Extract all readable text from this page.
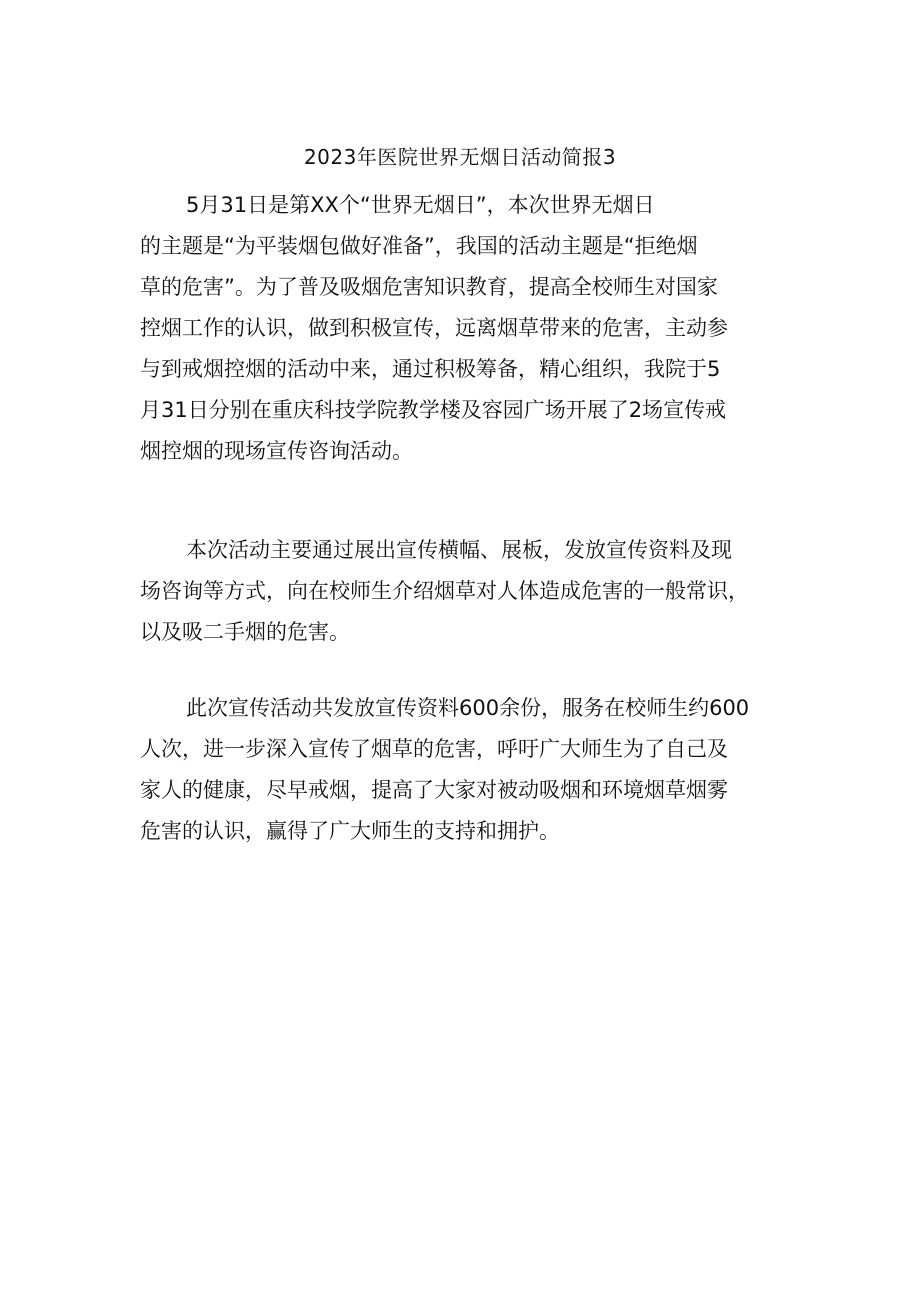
2023年医院世界无烟日活动简报3
5月31日是第XX个“世界无烟日”，本次世界无烟日
的主题是“为平装烟包做好准备”，我国的活动主题是“拒绝烟
草的危害”。为了普及吸烟危害知识教育，提高全校师生对国家
控烟工作的认识，做到积极宣传，远离烟草带来的危害，主动参
与到戒烟控烟的活动中来，通过积极筹备，精心组织，我院于5
月31日分别在重庆科技学院教学楼及容园广场开展了2场宣传戒
烟控烟的现场宣传咨询活动。
本次活动主要通过展出宣传横幅、展板，发放宣传资料及现
场咨询等方式，向在校师生介绍烟草对人体造成危害的一般常识，
以及吸二手烟的危害。
此次宣传活动共发放宣传资料600余份，服务在校师生约600
人次，进一步深入宣传了烟草的危害，呼吁广大师生为了自己及
家人的健康，尽早戒烟，提高了大家对被动吸烟和环境烟草烟雾
危害的认识，赢得了广大师生的支持和拥护。
